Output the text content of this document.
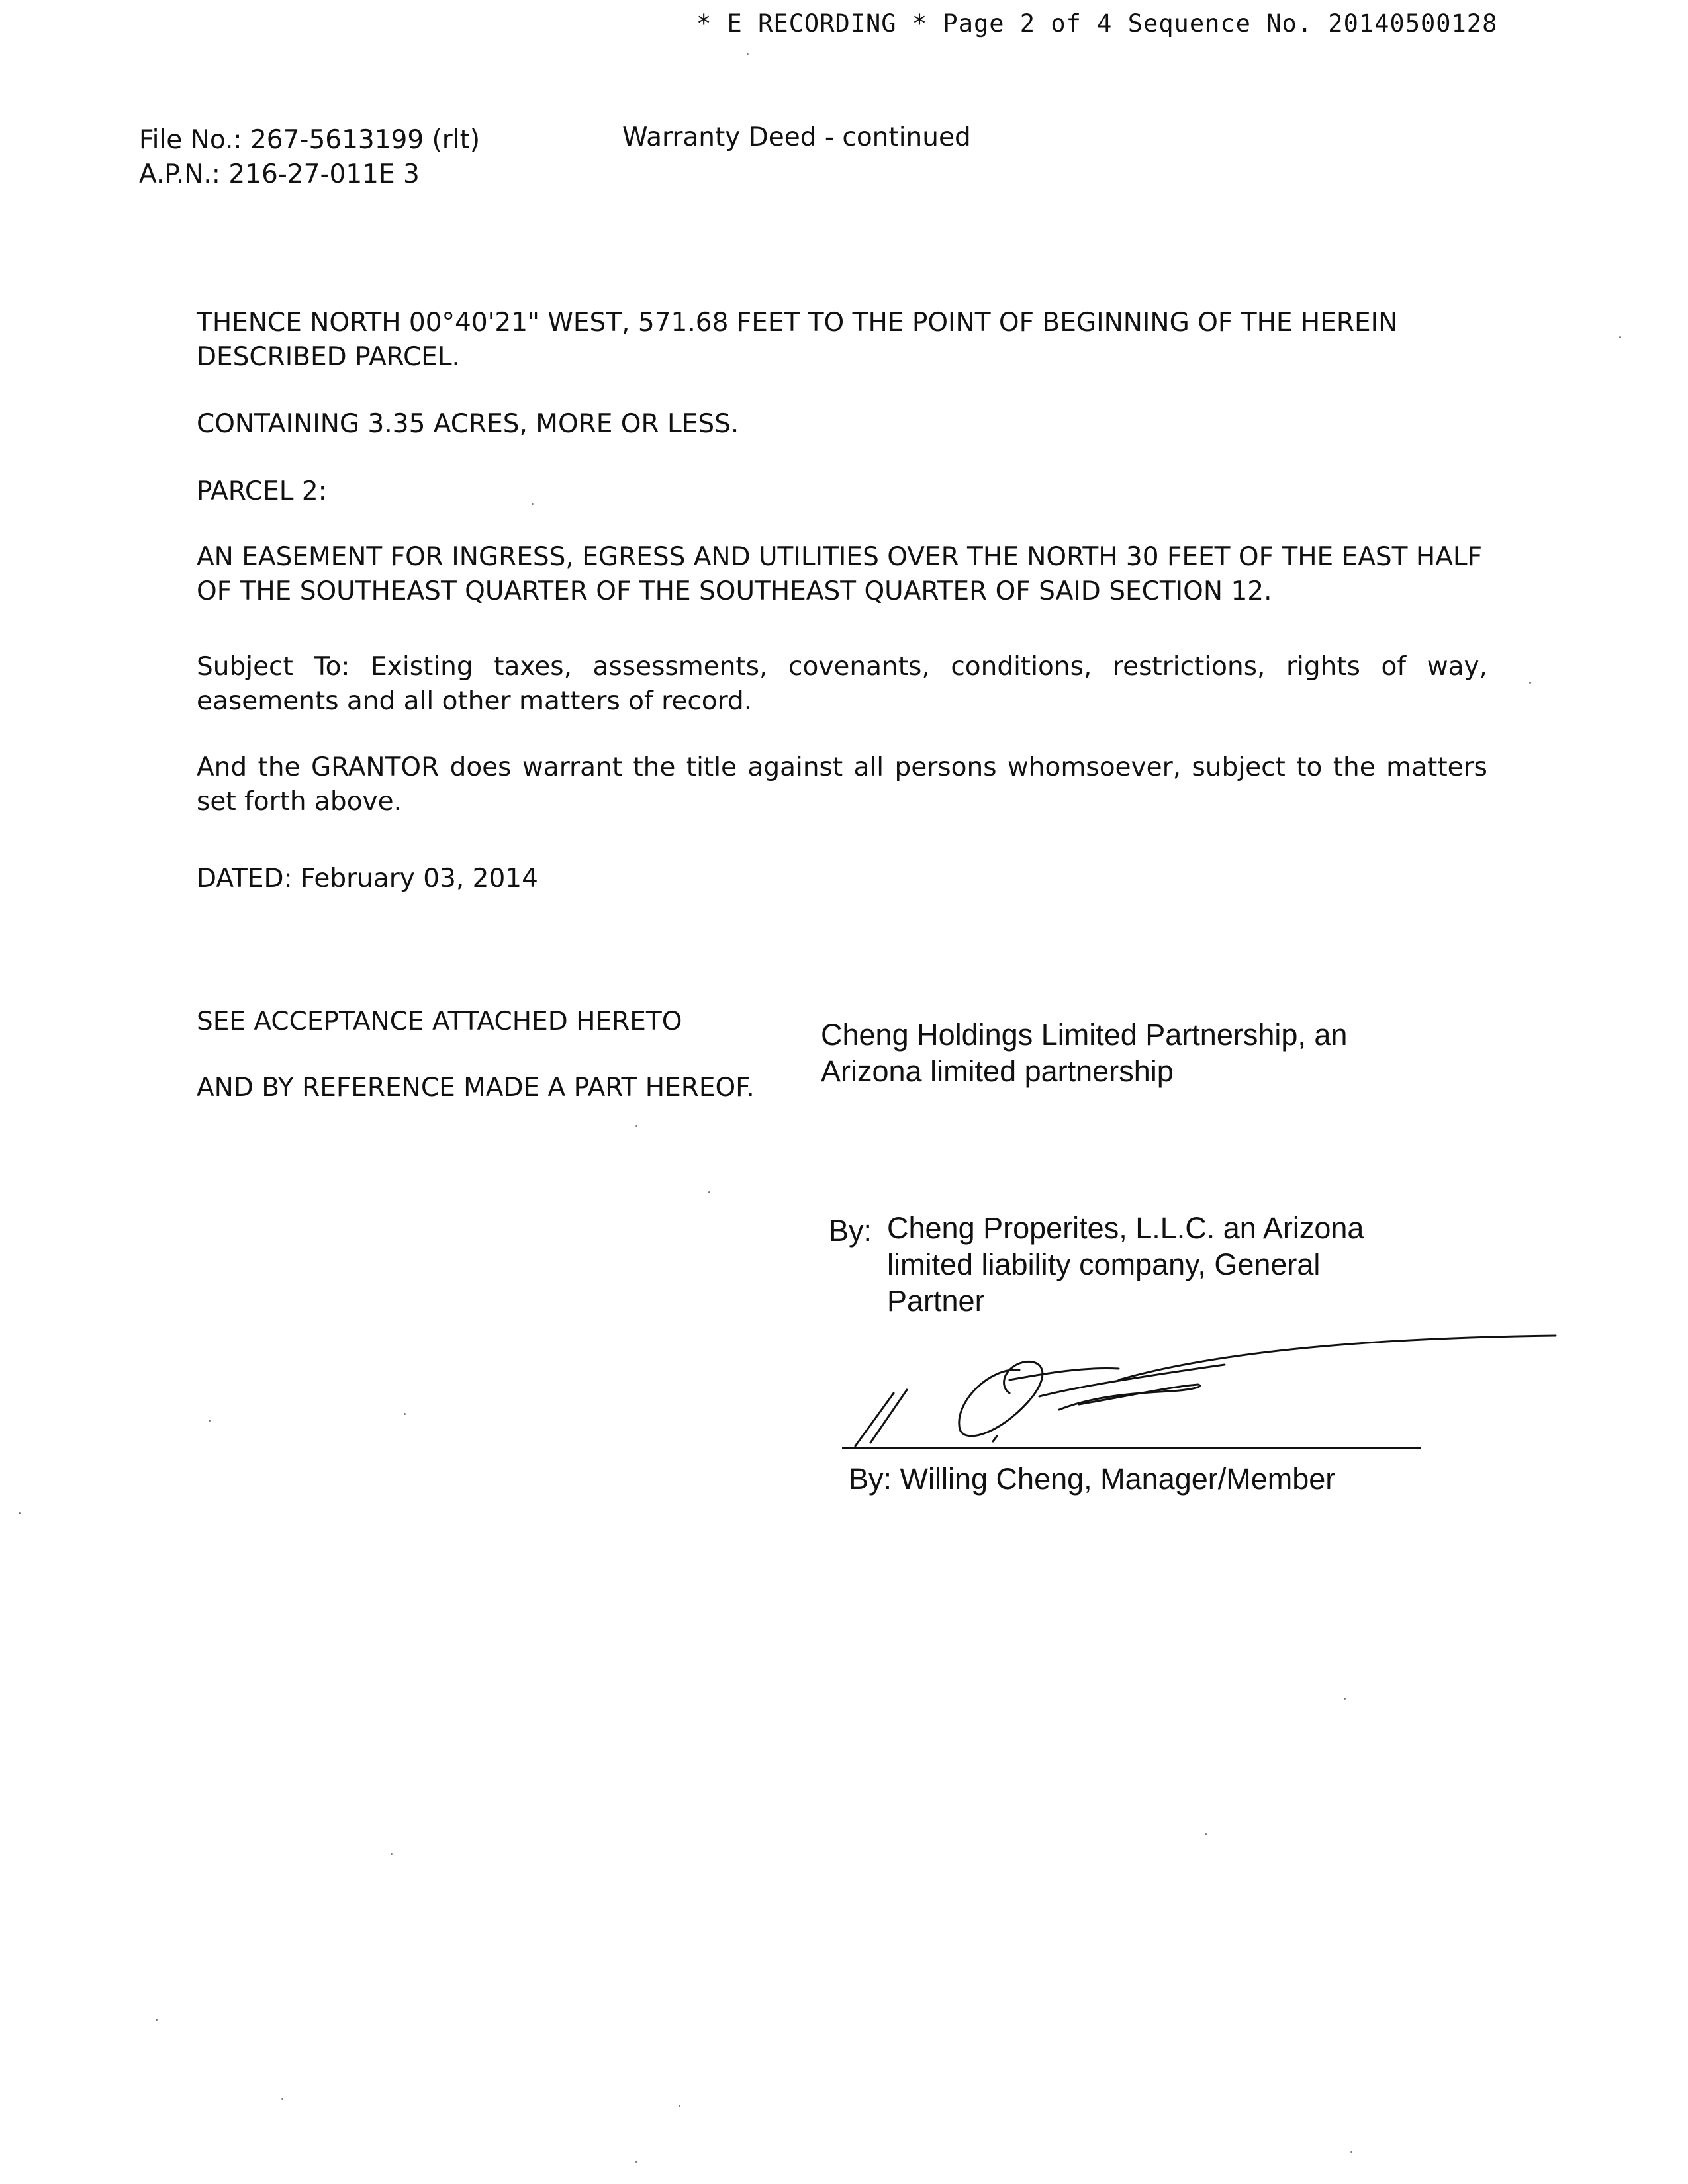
* E RECORDING * Page 2 of 4 Sequence No. 20140500128
File No.: 267-5613199 (rlt)
A.P.N.: 216-27-011E 3
Warranty Deed - continued
THENCE NORTH 00°40'21" WEST, 571.68 FEET TO THE POINT OF BEGINNING OF THE HEREIN
DESCRIBED PARCEL.
CONTAINING 3.35 ACRES, MORE OR LESS.
PARCEL 2:
AN EASEMENT FOR INGRESS, EGRESS AND UTILITIES OVER THE NORTH 30 FEET OF THE EAST HALF
OF THE SOUTHEAST QUARTER OF THE SOUTHEAST QUARTER OF SAID SECTION 12.
Subject To: Existing taxes, assessments, covenants, conditions, restrictions, rights of way, easements and all other matters of record.
And the GRANTOR does warrant the title against all persons whomsoever, subject to the matters set forth above.
DATED: February 03, 2014
SEE ACCEPTANCE ATTACHED HERETO
AND BY REFERENCE MADE A PART HEREOF.
Cheng Holdings Limited Partnership, an
Arizona limited partnership
By: Cheng Properites, L.L.C. an Arizona
limited liability company, General
Partner
By: Willing Cheng, Manager/Member
